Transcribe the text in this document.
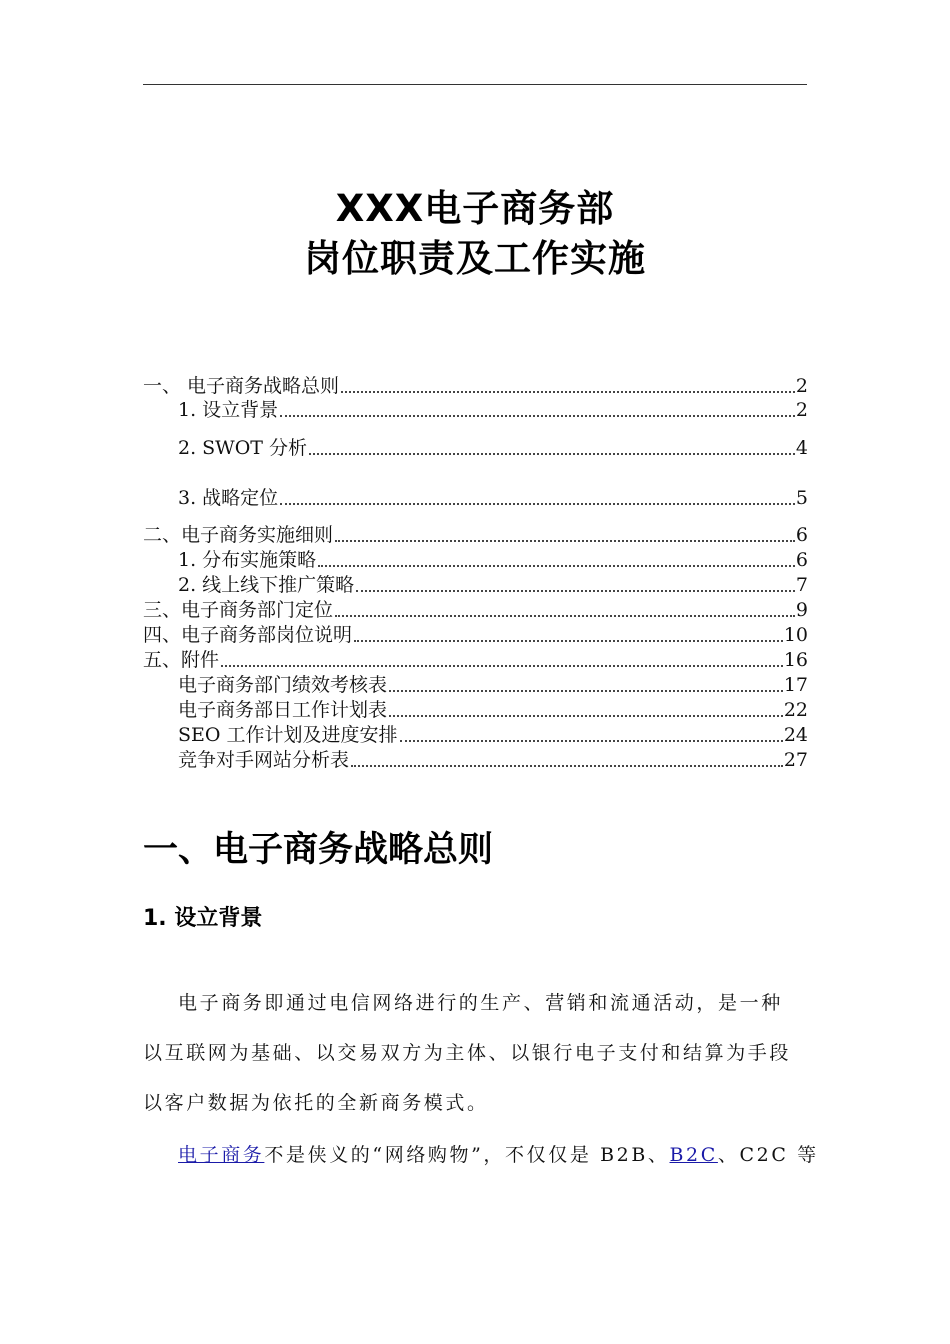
XXX电子商务部
岗位职责及工作实施
一、 电子商务战略总则	2
1. 设立背景	2
2. SWOT 分析	4
3. 战略定位	5
二、电子商务实施细则	6
1. 分布实施策略	6
2. 线上线下推广策略	7
三、电子商务部门定位	9
四、电子商务部岗位说明	10
五、附件	16
电子商务部门绩效考核表	17
电子商务部日工作计划表	22
SEO 工作计划及进度安排	24
竞争对手网站分析表	27
一、电子商务战略总则
1. 设立背景
电子商务即通过电信网络进行的生产、营销和流通活动，是一种
以互联网为基础、以交易双方为主体、以银行电子支付和结算为手段
以客户数据为依托的全新商务模式。
电子商务不是侠义的“网络购物”，不仅仅是 B2B、B2C、C2C 等
